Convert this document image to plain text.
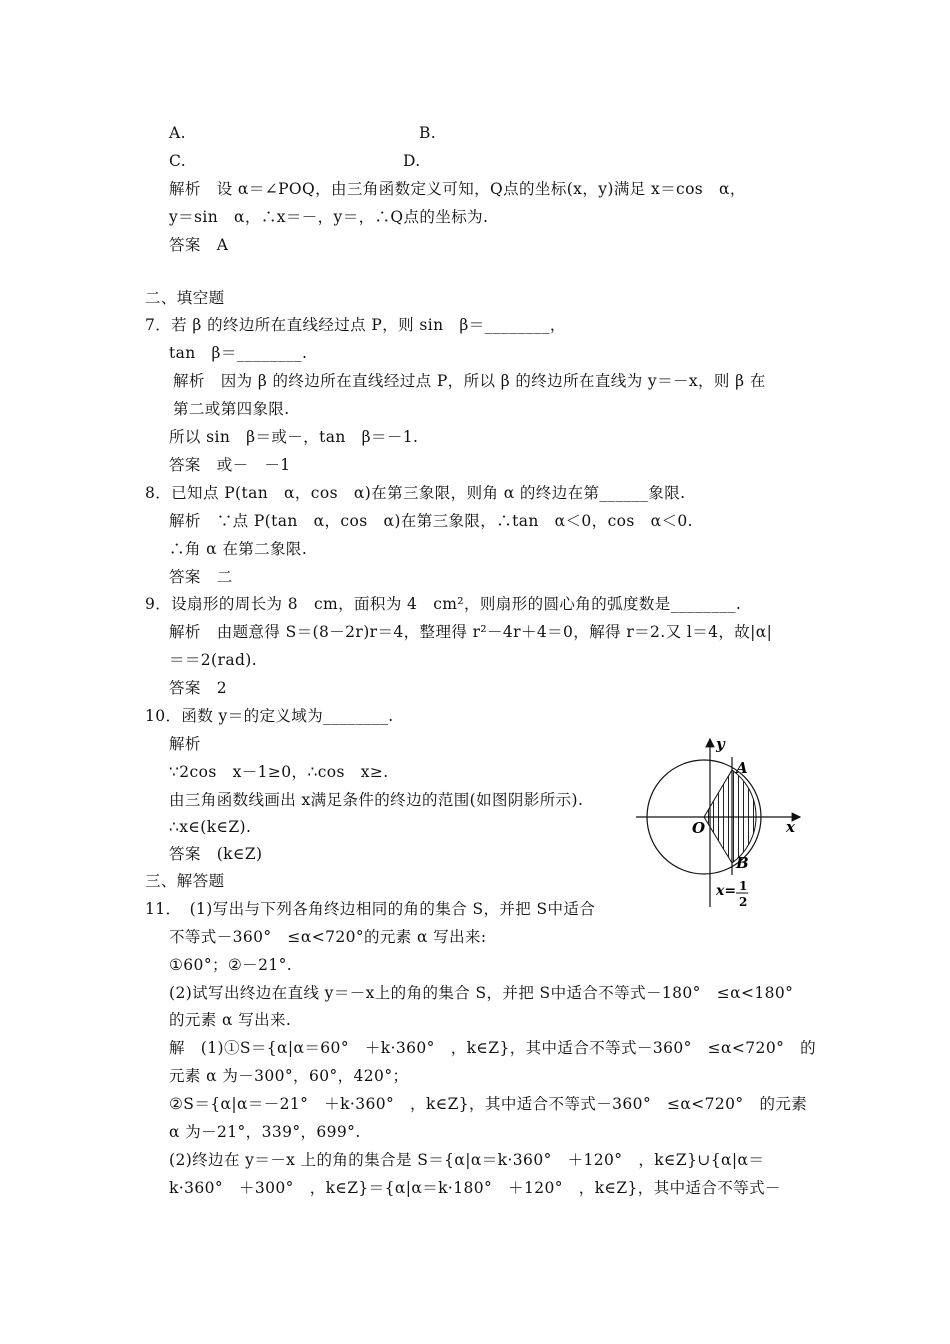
A.	B.
C.	D.
解析　设 α＝∠POQ，由三角函数定义可知，Q点的坐标(x，y)满足 x＝cos　α，
y＝sin　α，∴x＝－，y＝，∴Q点的坐标为.
答案　A
二、填空题
7．若 β 的终边所在直线经过点 P，则 sin　β＝________，
tan　β＝________.
解析　因为 β 的终边所在直线经过点 P，所以 β 的终边所在直线为 y＝－x，则 β 在
第二或第四象限.
所以 sin　β＝或－，tan　β＝－1.
答案　或－　－1
8．已知点 P(tan　α，cos　α)在第三象限，则角 α 的终边在第______象限.
解析　∵点 P(tan　α，cos　α)在第三象限，∴tan　α＜0，cos　α＜0.
∴角 α 在第二象限.
答案　二
9．设扇形的周长为 8　cm，面积为 4　cm²，则扇形的圆心角的弧度数是________.
解析　由题意得 S＝(8－2r)r＝4，整理得 r²－4r＋4＝0，解得 r＝2.又 l＝4，故|α|
＝＝2(rad).
答案　2
10．函数 y＝的定义域为________.
解析
∵2cos　x－1≥0，∴cos　x≥.
由三角函数线画出 x满足条件的终边的范围(如图阴影所示).
∴x∈(k∈Z).
答案　(k∈Z)
y
x
O
A
B
x= 1
2
三、解答题
11．　(1)写出与下列各角终边相同的角的集合 S，并把 S中适合
不等式－360°　≤α<720°的元素 α 写出来:
①60°；②－21°.
(2)试写出终边在直线 y＝－x上的角的集合 S，并把 S中适合不等式－180°　≤α<180°
的元素 α 写出来.
解　(1)①S＝{α|α＝60°　＋k·360°　，k∈Z}，其中适合不等式－360°　≤α<720°　的
元素 α 为－300°，60°，420°；
②S＝{α|α＝－21°　＋k·360°　，k∈Z}，其中适合不等式－360°　≤α<720°　的元素
α 为－21°，339°，699°.
(2)终边在 y＝－x 上的角的集合是 S＝{α|α＝k·360°　＋120°　，k∈Z}∪{α|α＝
k·360°　＋300°　，k∈Z}＝{α|α＝k·180°　＋120°　，k∈Z}，其中适合不等式－
